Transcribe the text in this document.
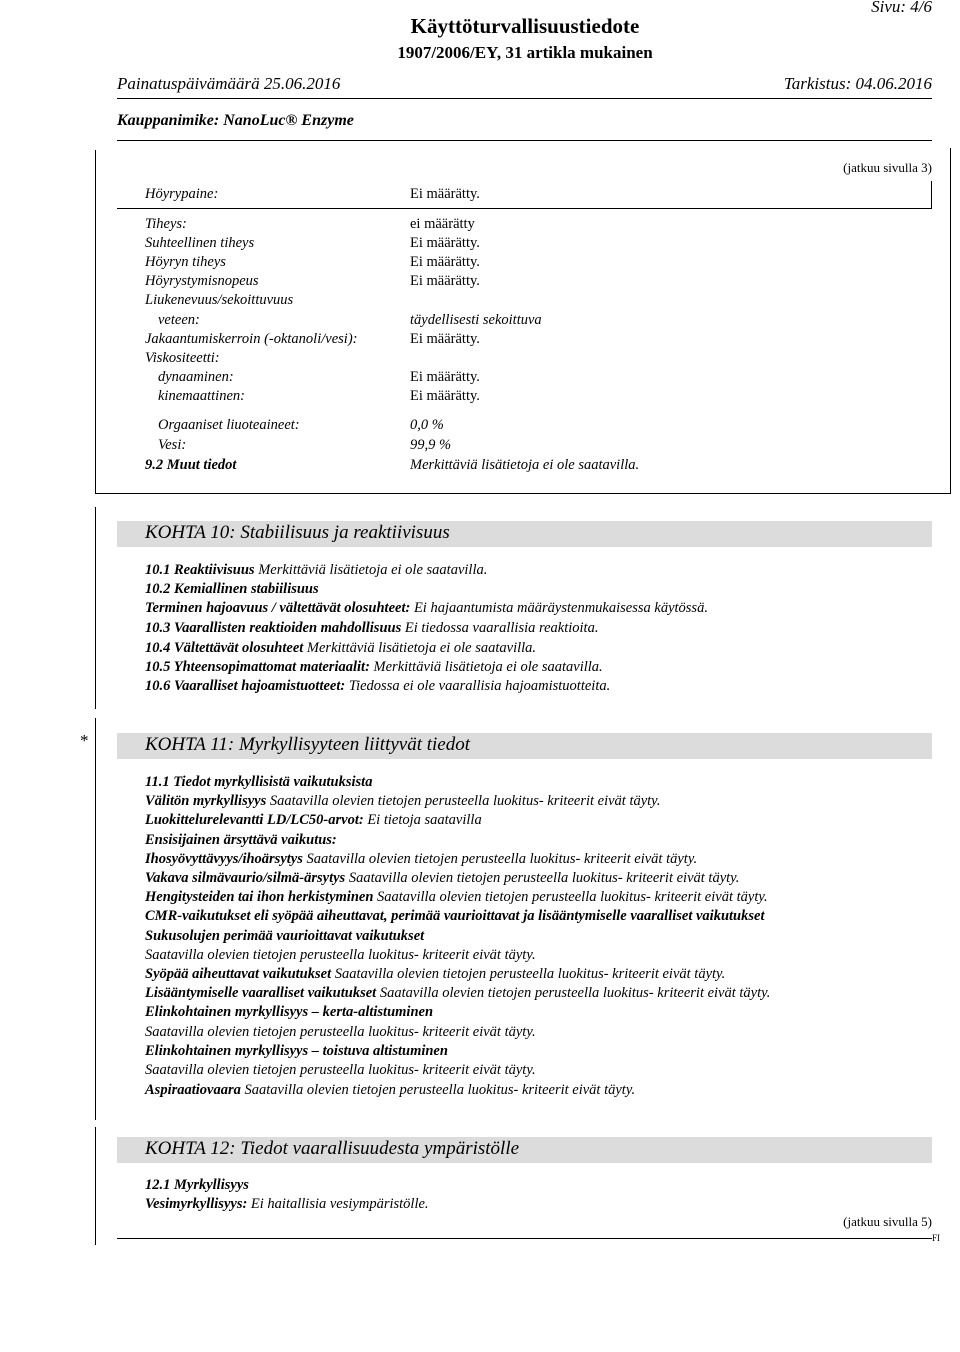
Käyttöturvallisuustiedote
1907/2006/EY, 31 artikla mukainen
Sivu: 4/6
Painatuspäivämäärä 25.06.2016	Tarkistus: 04.06.2016
Kauppanimike: NanoLuc® Enzyme
(jatkuu sivulla 3)
Höyrypaine:	Ei määrätty.
Tiheys:	ei määrätty
Suhteellinen tiheys	Ei määrätty.
Höyryn tiheys	Ei määrätty.
Höyrystymisnopeus	Ei määrätty.
Liukenevuus/sekoittuvuus
veteen:	täydellisesti sekoittuva
Jakaantumiskerroin (-oktanoli/vesi):	Ei määrätty.
Viskositeetti:
dynaaminen:	Ei määrätty.
kinemaattinen:	Ei määrätty.
Orgaaniset liuoteaineet:	0,0 %
Vesi:	99,9 %
9.2 Muut tiedot	Merkittäviä lisätietoja ei ole saatavilla.
KOHTA 10: Stabiilisuus ja reaktiivisuus
10.1 Reaktiivisuus Merkittäviä lisätietoja ei ole saatavilla.
10.2 Kemiallinen stabiilisuus
Terminen hajoavuus / vältettävät olosuhteet: Ei hajaantumista määräystenmukaisessa käytössä.
10.3 Vaarallisten reaktioiden mahdollisuus Ei tiedossa vaarallisia reaktioita.
10.4 Vältettävät olosuhteet Merkittäviä lisätietoja ei ole saatavilla.
10.5 Yhteensopimattomat materiaalit: Merkittäviä lisätietoja ei ole saatavilla.
10.6 Vaaralliset hajoamistuotteet: Tiedossa ei ole vaarallisia hajoamistuotteita.
*	KOHTA 11: Myrkyllisyyteen liittyvät tiedot
11.1 Tiedot myrkyllisistä vaikutuksista
Välitön myrkyllisyys Saatavilla olevien tietojen perusteella luokitus- kriteerit eivät täyty.
Luokittelurelevantti LD/LC50-arvot: Ei tietoja saatavilla
Ensisijainen ärsyttävä vaikutus:
Ihosyövyttävyys/ihoärsytys Saatavilla olevien tietojen perusteella luokitus- kriteerit eivät täyty.
Vakava silmävaurio/silmä-ärsytys Saatavilla olevien tietojen perusteella luokitus- kriteerit eivät täyty.
Hengitysteiden tai ihon herkistyminen Saatavilla olevien tietojen perusteella luokitus- kriteerit eivät täyty.
CMR-vaikutukset eli syöpää aiheuttavat, perimää vaurioittavat ja lisääntymiselle vaaralliset vaikutukset
Sukusolujen perimää vaurioittavat vaikutukset
Saatavilla olevien tietojen perusteella luokitus- kriteerit eivät täyty.
Syöpää aiheuttavat vaikutukset Saatavilla olevien tietojen perusteella luokitus- kriteerit eivät täyty.
Lisääntymiselle vaaralliset vaikutukset Saatavilla olevien tietojen perusteella luokitus- kriteerit eivät täyty.
Elinkohtainen myrkyllisyys – kerta-altistuminen
Saatavilla olevien tietojen perusteella luokitus- kriteerit eivät täyty.
Elinkohtainen myrkyllisyys – toistuva altistuminen
Saatavilla olevien tietojen perusteella luokitus- kriteerit eivät täyty.
Aspiraatiovaara Saatavilla olevien tietojen perusteella luokitus- kriteerit eivät täyty.
KOHTA 12: Tiedot vaarallisuudesta ympäristölle
12.1 Myrkyllisyys
Vesimyrkyllisyys: Ei haitallisia vesiympäristölle.
(jatkuu sivulla 5)
FI
